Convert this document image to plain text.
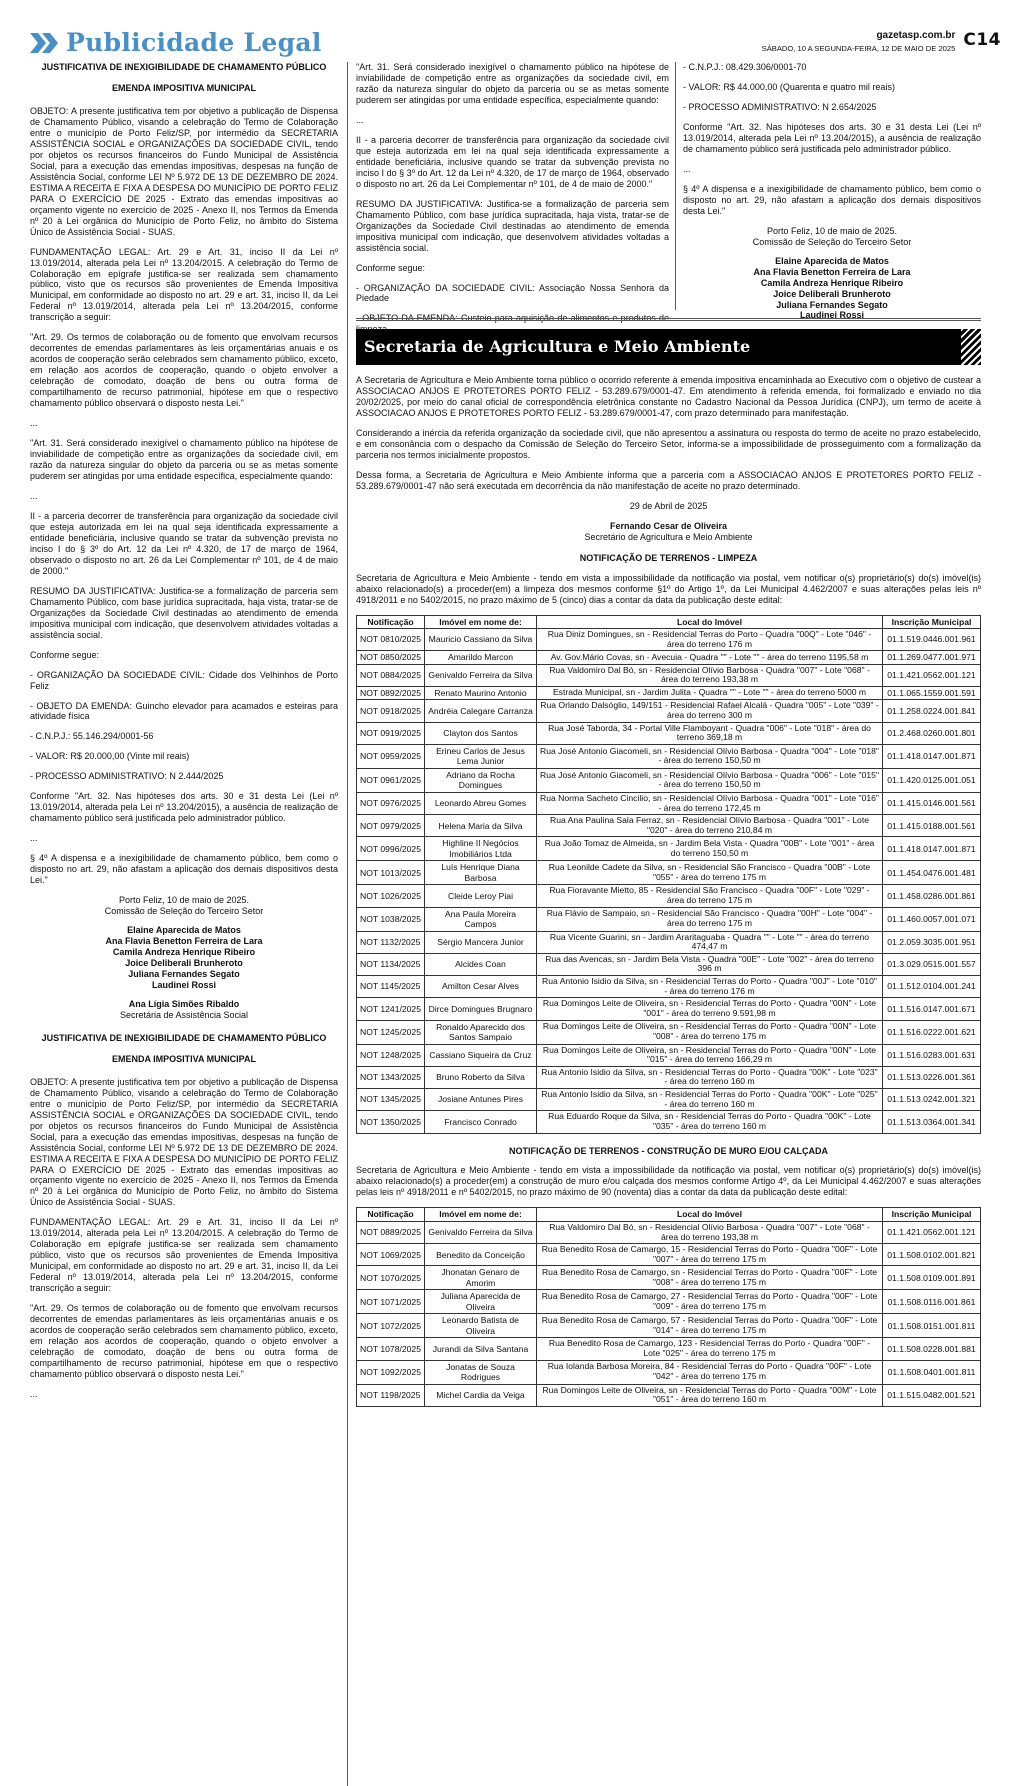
Publicidade Legal	gazetasp.com.br
SÁBADO, 10 A SEGUNDA-FEIRA, 12 DE MAIO DE 2025 C14

JUSTIFICATIVA DE INEXIGIBILIDADE DE CHAMAMENTO PÚBLICO

EMENDA IMPOSITIVA MUNICIPAL

OBJETO: A presente justificativa tem por objetivo a publicação de Dispensa de Chamamento Público, visando a celebração do Termo de Colaboração entre o município de Porto Feliz/SP, por intermédio da SECRETARIA ASSISTÊNCIA SOCIAL e ORGANIZAÇÕES DA SOCIEDADE CIVIL, tendo por objetos os recursos financeiros do Fundo Municipal de Assistência Social, para a execução das emendas impositivas, despesas na função de Assistência Social, conforme LEI Nº 5.972 DE 13 DE DEZEMBRO DE 2024. ESTIMA A RECEITA E FIXA A DESPESA DO MUNICÍPIO DE PORTO FELIZ PARA O EXERCÍCIO DE 2025 - Extrato das emendas impositivas ao orçamento vigente no exercício de 2025 - Anexo II, nos Termos da Emenda nº 20 à Lei orgânica do Município de Porto Feliz, no âmbito do Sistema Único de Assistência Social - SUAS.

FUNDAMENTAÇÃO LEGAL: Art. 29 e Art. 31, inciso II da Lei nº 13.019/2014, alterada pela Lei nº 13.204/2015. A celebração do Termo de Colaboração em epígrafe justifica-se ser realizada sem chamamento público, visto que os recursos são provenientes de Emenda Impositiva Municipal, em conformidade ao disposto no art. 29 e art. 31, inciso II, da Lei Federal nº 13.019/2014, alterada pela Lei nº 13.204/2015, conforme transcrição a seguir:

"Art. 29. Os termos de colaboração ou de fomento que envolvam recursos decorrentes de emendas parlamentares às leis orçamentárias anuais e os acordos de cooperação serão celebrados sem chamamento público, exceto, em relação aos acordos de cooperação, quando o objeto envolver a celebração de comodato, doação de bens ou outra forma de compartilhamento de recurso patrimonial, hipótese em que o respectivo chamamento público observará o disposto nesta Lei."

...

"Art. 31. Será considerado inexigível o chamamento público na hipótese de inviabilidade de competição entre as organizações da sociedade civil, em razão da natureza singular do objeto da parceria ou se as metas somente puderem ser atingidas por uma entidade específica, especialmente quando:

...

II - a parceria decorrer de transferência para organização da sociedade civil que esteja autorizada em lei na qual seja identificada expressamente a entidade beneficiária, inclusive quando se tratar da subvenção prevista no inciso I do § 3º do Art. 12 da Lei nº 4.320, de 17 de março de 1964, observado o disposto no art. 26 da Lei Complementar nº 101, de 4 de maio de 2000."

RESUMO DA JUSTIFICATIVA: Justifica-se a formalização de parceria sem Chamamento Público, com base jurídica supracitada, haja vista, tratar-se de Organizações da Sociedade Civil destinadas ao atendimento de emenda impositiva municipal com indicação, que desenvolvem atividades voltadas a assistência social.

Conforme segue:

- ORGANIZAÇÃO DA SOCIEDADE CIVIL: Cidade dos Velhinhos de Porto Feliz

- OBJETO DA EMENDA: Guincho elevador para acamados e esteiras para atividade física

- C.N.P.J.: 55.146.294/0001-56

- VALOR: R$ 20.000,00 (Vinte mil reais)

- PROCESSO ADMINISTRATIVO: N 2.444/2025

Conforme "Art. 32. Nas hipóteses dos arts. 30 e 31 desta Lei (Lei nº 13.019/2014, alterada pela Lei nº 13.204/2015), a ausência de realização de chamamento público será justificada pelo administrador público.

...

§ 4º A dispensa e a inexigibilidade de chamamento público, bem como o disposto no art. 29, não afastam a aplicação dos demais dispositivos desta Lei."

Porto Feliz, 10 de maio de 2025.
Comissão de Seleção do Terceiro Setor
Elaine Aparecida de Matos
Ana Flavia Benetton Ferreira de Lara
Camila Andreza Henrique Ribeiro
Joice Deliberali Brunheroto
Juliana Fernandes Segato
Laudinei Rossi
Ana Lígia Simões Ribaldo
Secretária de Assistência Social

JUSTIFICATIVA DE INEXIGIBILIDADE DE CHAMAMENTO PÚBLICO

EMENDA IMPOSITIVA MUNICIPAL

OBJETO: A presente justificativa tem por objetivo a publicação de Dispensa de Chamamento Público, visando a celebração do Termo de Colaboração entre o município de Porto Feliz/SP, por intermédio da SECRETARIA ASSISTÊNCIA SOCIAL e ORGANIZAÇÕES DA SOCIEDADE CIVIL, tendo por objetos os recursos financeiros do Fundo Municipal de Assistência Social, para a execução das emendas impositivas, despesas na função de Assistência Social, conforme LEI Nº 5.972 DE 13 DE DEZEMBRO DE 2024. ESTIMA A RECEITA E FIXA A DESPESA DO MUNICÍPIO DE PORTO FELIZ PARA O EXERCÍCIO DE 2025 - Extrato das emendas impositivas ao orçamento vigente no exercício de 2025 - Anexo II, nos Termos da Emenda nº 20 à Lei orgânica do Município de Porto Feliz, no âmbito do Sistema Único de Assistência Social - SUAS.

FUNDAMENTAÇÃO LEGAL: Art. 29 e Art. 31, inciso II da Lei nº 13.019/2014, alterada pela Lei nº 13.204/2015. A celebração do Termo de Colaboração em epígrafe justifica-se ser realizada sem chamamento público, visto que os recursos são provenientes de Emenda Impositiva Municipal, em conformidade ao disposto no art. 29 e art. 31, inciso II, da Lei Federal nº 13.019/2014, alterada pela Lei nº 13.204/2015, conforme transcrição a seguir:

"Art. 29. Os termos de colaboração ou de fomento que envolvam recursos decorrentes de emendas parlamentares às leis orçamentárias anuais e os acordos de cooperação serão celebrados sem chamamento público, exceto, em relação aos acordos de cooperação, quando o objeto envolver a celebração de comodato, doação de bens ou outra forma de compartilhamento de recurso patrimonial, hipótese em que o respectivo chamamento público observará o disposto nesta Lei."

...

"Art. 31. Será considerado inexigível o chamamento público na hipótese de inviabilidade de competição entre as organizações da sociedade civil, em razão da natureza singular do objeto da parceria ou se as metas somente puderem ser atingidas por uma entidade específica, especialmente quando:

...

II - a parceria decorrer de transferência para organização da sociedade civil que esteja autorizada em lei na qual seja identificada expressamente a entidade beneficiária, inclusive quando se tratar da subvenção prevista no inciso I do § 3º do Art. 12 da Lei nº 4.320, de 17 de março de 1964, observado o disposto no art. 26 da Lei Complementar nº 101, de 4 de maio de 2000."

RESUMO DA JUSTIFICATIVA: Justifica-se a formalização de parceria sem Chamamento Público, com base jurídica supracitada, haja vista, tratar-se de Organizações da Sociedade Civil destinadas ao atendimento de emenda impositiva municipal com indicação, que desenvolvem atividades voltadas a assistência social.

Conforme segue:

- ORGANIZAÇÃO DA SOCIEDADE CIVIL: Associação Nossa Senhora da Piedade

- OBJETO DA EMENDA: Custeio para aquisição de alimentos e produtos de

- C.N.P.J.: 08.429.306/0001-70

- VALOR: R$ 44.000,00 (Quarenta e quatro mil reais)

- PROCESSO ADMINISTRATIVO: N 2.654/2025

Conforme "Art. 32. Nas hipóteses dos arts. 30 e 31 desta Lei (Lei nº 13.019/2014, alterada pela Lei nº 13.204/2015), a ausência de realização de chamamento público será justificada pelo administrador público.

...

§ 4º A dispensa e a inexigibilidade de chamamento público, bem como o disposto no art. 29, não afastam a aplicação dos demais dispositivos desta Lei."

Porto Feliz, 10 de maio de 2025.
Comissão de Seleção do Terceiro Setor
Elaine Aparecida de Matos
Ana Flavia Benetton Ferreira de Lara
Camila Andreza Henrique Ribeiro
Joice Deliberali Brunheroto
Juliana Fernandes Segato
Laudinei Rossi
Secretaria de Agricultura e Meio Ambiente

A Secretaria de Agricultura e Meio Ambiente torna público o ocorrido referente à emenda impositiva encaminhada ao Executivo com o objetivo de custear a ASSOCIACAO ANJOS E PROTETORES PORTO FELIZ - 53.289.679/0001-47. Em atendimento à referida emenda, foi formalizado e enviado no dia 20/02/2025, por meio do canal oficial de correspondência eletrônica constante no Cadastro Nacional da Pessoa Jurídica (CNPJ), um termo de aceite à ASSOCIACAO ANJOS E PROTETORES PORTO FELIZ - 53.289.679/0001-47, com prazo determinado para manifestação.

Considerando a inércia da referida organização da sociedade civil, que não apresentou a assinatura ou resposta do termo de aceite no prazo estabelecido, e em consonância com o despacho da Comissão de Seleção do Terceiro Setor, informa-se a impossibilidade de prosseguimento com a formalização da parceria nos termos inicialmente propostos.

Dessa forma, a Secretaria de Agricultura e Meio Ambiente informa que a parceria com a ASSOCIACAO ANJOS E PROTETORES PORTO FELIZ - 53.289.679/0001-47 não será executada em decorrência da não manifestação de aceite no prazo determinado.

29 de Abril de 2025

Fernando Cesar de Oliveira
Secretário de Agricultura e Meio Ambiente

NOTIFICAÇÃO DE TERRENOS - LIMPEZA

Secretaria de Agricultura e Meio Ambiente - tendo em vista a impossibilidade da notificação via postal, vem notificar o(s) proprietário(s) do(s) imóvel(is) abaixo relacionado(s) a proceder(em) a limpeza dos mesmos conforme §1º do Artigo 1º, da Lei Municipal 4.462/2007 e suas alterações pelas leis nº 4918/2011 e no 5402/2015, no prazo máximo de 5 (cinco) dias a contar da data da publicação deste edital:

Notificação	Imóvel em nome de:	Local do Imóvel	Inscrição Municipal
NOT 0810/2025	Mauricio Cassiano da Silva	Rua Diniz Domingues, sn - Residencial Terras do Porto - Quadra "00Q" - Lote "046" - área do terreno 176 m	01.1.519.0446.001.961
NOT 0850/2025	Amarildo Marcon	Av. Gov.Mário Covas, sn - Avecuia - Quadra "" - Lote "" - área do terreno 1195,58 m	01.1.269.0477.001.971
NOT 0884/2025	Genivaldo Ferreira da Silva	Rua Valdomiro Dal Bó, sn - Residencial Olívio Barbosa - Quadra "007" - Lote "068" - área do terreno 193,38 m	01.1.421.0562.001.121
NOT 0892/2025	Renato Maurino Antonio	Estrada Municipal, sn - Jardim Julita - Quadra "" - Lote "" - área do terreno 5000 m	01.1.065.1559.001.591
NOT 0918/2025	Andréia Calegare Carranza	Rua Orlando Dalsóglio, 149/151 - Residencial Rafael Alcalá - Quadra "005" - Lote "039" - área do terreno 300 m	01.1.258.0224.001.841
NOT 0919/2025	Clayton dos Santos	Rua José Taborda, 34 - Portal Ville Flamboyant - Quadra "006" - Lote "018" - área do terreno 369,18 m	01.2.468.0260.001.801
NOT 0959/2025	Erineu Carlos de Jesus Lema Junior	Rua José Antonio Giacomeli, sn - Residencial Olívio Barbosa - Quadra "004" - Lote "018" - área do terreno 150,50 m	01.1.418.0147.001.871
NOT 0961/2025	Adriano da Rocha Domingues	Rua José Antonio Giacomeli, sn - Residencial Olívio Barbosa - Quadra "006" - Lote "015" - área do terreno 150,50 m	01.1.420.0125.001.051
NOT 0976/2025	Leonardo Abreu Gomes	Rua Norma Sacheto Cincilio, sn - Residencial Olívio Barbosa - Quadra "001" - Lote "016" - área do terreno 172,45 m	01.1.415.0146.001.561
NOT 0979/2025	Helena Maria da Silva	Rua Ana Paulina Sala Ferraz, sn - Residencial Olívio Barbosa - Quadra "001" - Lote "020" - área do terreno 210,84 m	01.1.415.0188.001.561
NOT 0996/2025	Highline II Negócios Imobiliários Ltda	Rua João Tomaz de Almeida, sn - Jardim Bela Vista - Quadra "00B" - Lote "001" - área do terreno 150,50 m	01.1.418.0147.001.871
NOT 1013/2025	Luís Henrique Diana Barbosa	Rua Leonilde Cadete da Silva, sn - Residencial São Francisco - Quadra "00B" - Lote "055" - área do terreno 175 m	01.1.454.0476.001.481
NOT 1026/2025	Cleide Leroy Piai	Rua Fioravante Mietto, 85 - Residencial São Francisco - Quadra "00F" - Lote "029" - área do terreno 175 m	01.1.458.0286.001.861
NOT 1038/2025	Ana Paula Moreira Campos	Rua Flávio de Sampaio, sn - Residencial São Francisco - Quadra "00H" - Lote "004" - área do terreno 175 m	01.1.460.0057.001.071
NOT 1132/2025	Sérgio Mancera Junior	Rua Vicente Guarini, sn - Jardim Araritaguaba - Quadra "" - Lote "" - área do terreno 474,47 m	01.2.059.3035.001.951
NOT 1134/2025	Alcides Coan	Rua das Avencas, sn - Jardim Bela Vista - Quadra "00E" - Lote "002" - área do terreno 396 m	01.3.029.0515.001.557
NOT 1145/2025	Amilton Cesar Alves	Rua Antonio Isidio da Silva, sn - Residencial Terras do Porto - Quadra "00J" - Lote "010" - área do terreno 176 m	01.1.512.0104.001.241
NOT 1241/2025	Dirce Domingues Brugnaro	Rua Domingos Leite de Oliveira, sn - Residencial Terras do Porto - Quadra "00N" - Lote "001" - área do terreno 9.591,98 m	01.1.516.0147.001.671
NOT 1245/2025	Ronaldo Aparecido dos Santos Sampaio	Rua Domingos Leite de Oliveira, sn - Residencial Terras do Porto - Quadra "00N" - Lote "008" - área do terreno 175 m	01.1.516.0222.001.621
NOT 1248/2025	Cassiano Siqueira da Cruz	Rua Domingos Leite de Oliveira, sn - Residencial Terras do Porto - Quadra "00N" - Lote "015" - área do terreno 166,29 m	01.1.516.0283.001.631
NOT 1343/2025	Bruno Roberto da Silva	Rua Antonio Isidio da Silva, sn - Residencial Terras do Porto - Quadra "00K" - Lote "023" - área do terreno 160 m	01.1.513.0226.001.361
NOT 1345/2025	Josiane Antunes Pires	Rua Antonio Isidio da Silva, sn - Residencial Terras do Porto - Quadra "00K" - Lote "025" - área do terreno 160 m	01.1.513.0242.001.321
NOT 1350/2025	Francisco Conrado	Rua Eduardo Roque da Silva, sn - Residencial Terras do Porto - Quadra "00K" - Lote "035" - área do terreno 160 m	01.1.513.0364.001.341

NOTIFICAÇÃO DE TERRENOS - CONSTRUÇÃO DE MURO E/OU CALÇADA

Secretaria de Agricultura e Meio Ambiente - tendo em vista a impossibilidade da notificação via postal, vem notificar o(s) proprietário(s) do(s) imóvel(is) abaixo relacionado(s) a proceder(em) a construção de muro e/ou calçada dos mesmos conforme Artigo 4º, da Lei Municipal 4.462/2007 e suas alterações pelas leis nº 4918/2011 e nº 5402/2015, no prazo máximo de 90 (noventa) dias a contar da data da publicação deste edital:

Notificação	Imóvel em nome de:	Local do Imóvel	Inscrição Municipal
NOT 0889/2025	Genivaldo Ferreira da Silva	Rua Valdomiro Dal Bó, sn - Residencial Olívio Barbosa - Quadra "007" - Lote "068" - área do terreno 193,38 m	01.1.421.0562.001.121
NOT 1069/2025	Benedito da Conceição	Rua Benedito Rosa de Camargo, 15 - Residencial Terras do Porto - Quadra "00F" - Lote "007" - área do terreno 175 m	01.1.508.0102.001.821
NOT 1070/2025	Jhonatan Genaro de Amorim	Rua Benedito Rosa de Camargo, sn - Residencial Terras do Porto - Quadra "00F" - Lote "008" - área do terreno 175 m	01.1.508.0109.001.891
NOT 1071/2025	Juliana Aparecida de Oliveira	Rua Benedito Rosa de Camargo, 27 - Residencial Terras do Porto - Quadra "00F" - Lote "009" - área do terreno 175 m	01.1.508.0116.001.861
NOT 1072/2025	Leonardo Batista de Oliveira	Rua Benedito Rosa de Camargo, 57 - Residencial Terras do Porto - Quadra "00F" - Lote "014" - área do terreno 175 m	01.1.508.0151.001.811
NOT 1078/2025	Jurandi da Silva Santana	Rua Benedito Rosa de Camargo, 123 - Residencial Terras do Porto - Quadra "00F" - Lote "025" - área do terreno 175 m	01.1.508.0228.001.881
NOT 1092/2025	Jonatas de Souza Rodrigues	Rua Iolanda Barbosa Moreira, 84 - Residencial Terras do Porto - Quadra "00F" - Lote "042" - área do terreno 175 m	01.1.508.0401.001.811
NOT 1198/2025	Michel Cardia da Veiga	Rua Domingos Leite de Oliveira, sn - Residencial Terras do Porto - Quadra "00M" - Lote "051" - área do terreno 160 m	01.1.515.0482.001.521
